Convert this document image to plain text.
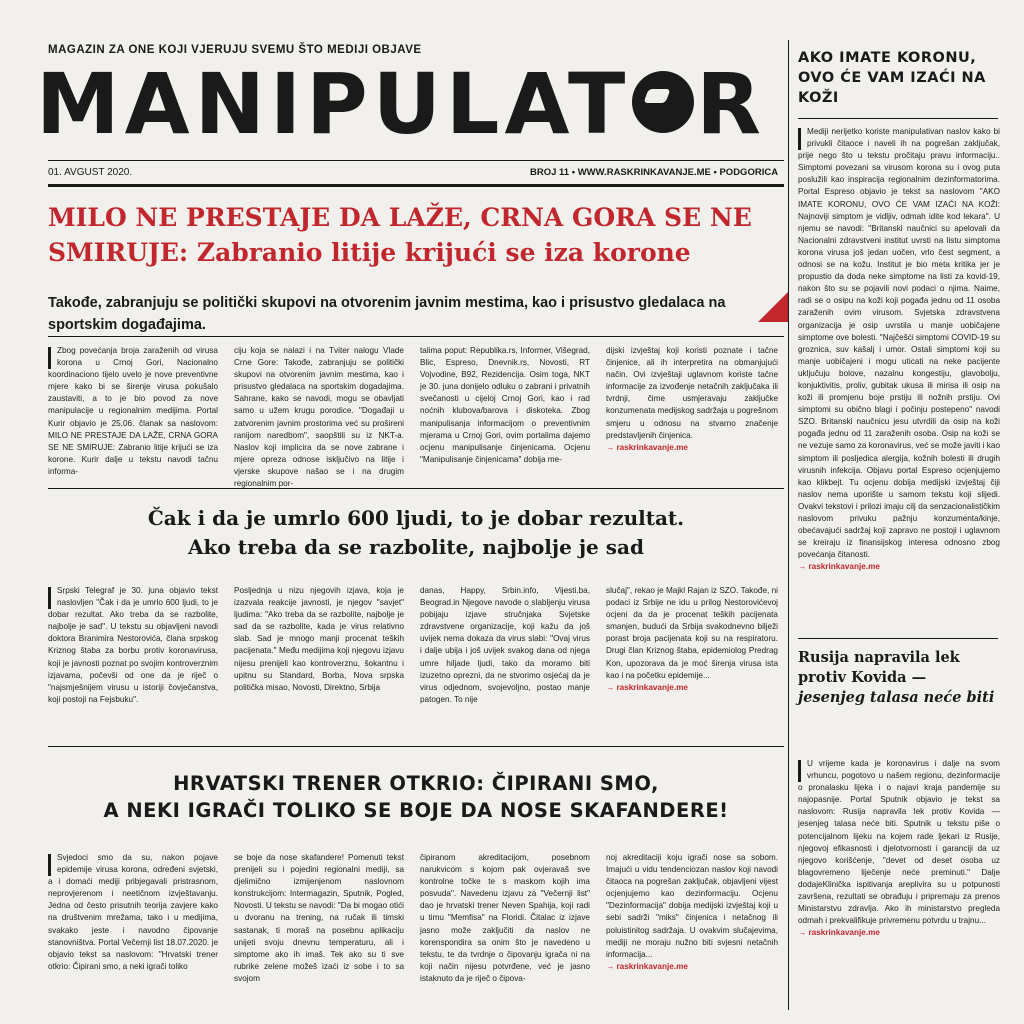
MAGAZIN ZA ONE KOJI VJERUJU SVEMU ŠTO MEDIJI OBJAVE
MANIPULAT R
01. AVGUST 2020.	BROJ 11 • WWW.RASKRINKAVANJE.ME • PODGORICA
MILO NE PRESTAJE DA LAŽE, CRNA GORA SE NE SMIRUJE: Zabranio litije krijući se iza korone
Takođe, zabranjuju se politički skupovi na otvorenim javnim mestima, kao i prisustvo gledalaca na sportskim događajima.
Zbog povećanja broja zaraženih od virusa korona u Crnoj Gori, Nacionalno koordinaciono tijelo uvelo je nove preventivne mjere kako bi se širenje virusa pokušalo zaustaviti, a to je bio povod za nove manipulacije u regionalnim medijima. Portal Kurir objavio je 25.06. članak sa naslovom: MILO NE PRESTAJE DA LAŽE, CRNA GORA SE NE SMIRUJE: Zabranio litije krijući se iza korone. Kurir dalje u tekstu navodi tačnu informa-
ciju koja se nalazi i na Tviter nalogu Vlade Crne Gore: Takođe, zabranjuju se politički skupovi na otvorenim javnim mestima, kao i prisustvo gledalaca na sportskim dogadajima. Sahrane, kako se navodi, mogu se obavljati samo u užem krugu porodice. "Događaji u zatvorenim javnim prostorima već su prošireni ranijom naredbom", saopštili su iz NKT-a. Naslov koji implicira da se nove zabrane i mjere opreza odnose isključivo na litije i vjerske skupove našao se i na drugim regionalnim por-
talima poput: Republika.rs, Informer, Višegrad, Blic, Espreso, Dnevnik.rs, Novosti, RT Vojvodine, B92, Rezidencija. Osim toga, NKT je 30. juna donijelo odluku o zabrani i privatnih svečanosti u cijeloj Crnoj Gori, kao i rad noćnih klubova/barova i diskoteka. Zbog manipulisanja informacijom o preventivnim mjerama u Crnoj Gori, ovim portalima dajemo ocjenu manipulisanje činjenicama. Ocjenu "Manipulisanje činjenicama" dobija me-
dijski izvještaj koji koristi poznate i tačne činjenice, ali ih interpretira na obmanjujući način. Ovi izvještaji uglavnom koriste tačne informacije za izvođenje netačnih zaključaka ili tvrdnji, čime usmjeravaju zaključke konzumenata medijskog sadržaja u pogrešnom smjeru u odnosu na stvarno značenje predstavljenih činjenica.
→ raskrinkavanje.me
Čak i da je umrlo 600 ljudi, to je dobar rezultat.
Ako treba da se razbolite, najbolje je sad
Srpski Telegraf je 30. juna objavio tekst naslovljen "Čak i da je umrlo 600 ljudi, to je dobar rezultat. Ako treba da se razbolite, najbolje je sad". U tekstu su objavljeni navodi doktora Branimira Nestorovića, člana srpskog Kriznog štaba za borbu protiv koronavirusa, koji je javnosti poznat po svojim kontroverznim izjavama, počevši od one da je riječ o "najsmješnijem virusu u istoriji čovječanstva, koji postoji na Fejsbuku".
Posljednja u nizu njegovih izjava, koja je izazvala reakcije javnosti, je njegov "savjet" ljudima: "Ako treba da se razbolite, najbolje je sad da se razbolite, kada je virus relativno slab. Sad je mnogo manji procenat teških pacijenata." Među medijima koji njegovu izjavu nijesu prenijeli kao kontroverznu, šokantnu i upitnu su Standard, Borba, Nova srpska politička misao, Novosti, Direktno, Srbija
danas, Happy, Srbin.info, Vijesti.ba, Beograd.in Njegove navode o slabljenju virusa pobijaju izjave stručnjaka Svjetske zdravstvene organizacije, koji kažu da još uvijek nema dokaza da virus slabi: "Ovaj virus i dalje ubija i još uvijek svakog dana od njega umre hiljade ljudi, tako da moramo biti izuzetno oprezni, da ne stvorimo osjećaj da je virus odjednom, svojevoljno, postao manje patogen. To nije
slučaj", rekao je Majkl Rajan iz SZO. Takođe, ni podaci iz Srbije ne idu u prilog Nestorovićevoj ocjeni da da je procenat teških pacijenata smanjen, budući da Srbija svakodnevno bilježi porast broja pacijenata koji su na respiratoru. Drugi član Kriznog štaba, epidemiolog Predrag Kon, upozorava da je moć širenja virusa ista kao i na početku epidemije...
→ raskrinkavanje.me
HRVATSKI TRENER OTKRIO: ČIPIRANI SMO,
A NEKI IGRAČI TOLIKO SE BOJE DA NOSE SKAFANDERE!
Svjedoci smo da su, nakon pojave epidemije virusa korona, određeni svjetski, a i domaći mediji pribjegavali pristrasnom, neprovjerenom i neetičnom izvještavanju. Jedna od često prisutnih teorija zavjere kako na društvenim mrežama, tako i u medijima, svakako jeste i navodno čipovanje stanovništva. Portal Večernji list 18.07.2020. je objavio tekst sa naslovom: "Hrvatski trener otkrio: Čipirani smo, a neki igrači toliko
se boje da nose skafandere! Pomenuti tekst prenijeli su i pojedini regionalni mediji, sa djelimično izmijenjenom naslovnom konstrukcijom: Intermagazin, Sputnik, Pogled, Novosti. U tekstu se navodi: "Da bi mogao otići u dvoranu na trening, na ručak ili timski sastanak, ti moraš na posebnu aplikaciju unijeti svoju dnevnu temperaturu, ali i simptome ako ih imaš. Tek ako su ti sve rubrike zelene možeš izaći iz sobe i to sa svojom
čipiranom akreditacijom, posebnom narukvicom s kojom pak ovjeravaš sve kontrolne točke te s maskom kojih ima posvuda". Navedenu izjavu za "Večernji list" dao je hrvatski trener Neven Spahija, koji radi u timu "Memfisa" na Floridi. Čitalac iz izjave jasno može zaključiti da naslov ne korenspondira sa onim što je navedeno u tekstu, te da tvrdnje o čipovanju igrača ni na koji način nijesu potvrđene, već je jasno istaknuto da je riječ o čipova-
noj akreditaciji koju igrači nose sa sobom. Imajući u vidu tendenciozan naslov koji navodi čitaoca na pogrešan zaključak, objavljeni vijest ocjenjujemo kao dezinformaciju. Ocjenu "Dezinformacija" dobija medijski izvještaj koji u sebi sadrži "miks" činjenica i netačnog ili poluistinitog sadržaja. U ovakvim slučajevima, mediji ne moraju nužno biti svjesni netačnih informacija...
→ raskrinkavanje.me
AKO IMATE KORONU, OVO ĆE VAM IZAĆI NA KOŽI
Mediji nerijetko koriste manipulativan naslov kako bi privukli čitaoce i naveli ih na pogrešan zaključak, prije nego što u tekstu pročitaju pravu informaciju.. Simptomi povezani sa virusom korona su i ovog puta poslužili kao inspiracija regionalnim dezinformatorima. Portal Espreso objavio je tekst sa naslovom "AKO IMATE KORONU, OVO ĆE VAM IZAĆI NA KOŽI: Najnoviji simptom je vidljiv, odmah idite kod lekara". U njemu se navodi: "Britanski naučnici su apelovali da Nacionalni zdravstveni institut uvrsti na listu simptoma korona virusa još jedan uočen, vrlo čest segment, a odnosi se na kožu. Institut je bio meta kritika jer je propustio da doda neke simptome na listi za kovid-19, nakon što su se pojavili novi podaci o njima. Naime, radi se o osipu na koži koji pogađa jednu od 11 osoba zaraženih ovim virusom. Svjetska zdravstvena organizacija je osip uvrstila u manje uobičajene simptome ove bolesti. "Najčešći simptomi COVID-19 su groznica, suv kašalj i umor. Ostali simptomi koji su manje uobičajeni i mogu uticati na neke pacijente uključuju bolove, nazalnu kongestiju, glavobolju, konjuktivitis, proliv, gubitak ukusa ili mirisa ili osip na koži ili promjenu boje prstiju ili nožnih prstiju. Ovi simptomi su obično blagi i počinju postepeno" navodi SZO. Britanski naučnicu jesu utvrdili da osip na koži pogađa jednu od 11 zaraženih osoba. Osip na koži se ne vezuje samo za koronavirus, već se može javiti i kao simptom ili posljedica alergija, kožnih bolesti ili drugih virusnih infekcija. Objavu portal Espreso ocjenjujemo kao klikbejt. Tu ocjenu dobija medijski izvještaj čiji naslov nema uporište u samom tekstu koji slijedi. Ovakvi tekstovi i prilozi imaju cilj da senzacionalističkim naslovom privuku pažnju konzumenta/kinje, obećavajući sadržaj koji zapravo ne postoji i uglavnom se kreiraju iz finansijskog interesa odnosno zbog povećanja čitanosti.
→ raskrinkavanje.me
Rusija napravila lek protiv Kovida —
jesenjeg talasa neće biti
U vrijeme kada je koronavirus i dalje na svom vrhuncu, pogotovo u našem regionu, dezinformacije o pronalasku lijeka i o najavi kraja pandemije su najopasnije. Portal Sputnik objavio je tekst sa naslovom: Rusija napravila lek protiv Kovida — jesenjeg talasa neće biti. Sputnik u tekstu piše o potencijalnom lijeku na kojem rade ljekari iz Rusije, njegovoj efikasnosti i djelotvornosti i garanciji da uz njegovo korišćenje, "devet od deset osoba uz blagovremeno liječenje neće preminuti." Dalje dodajeKlinička ispitivanja areplivira su u potpunosti završena, rezultati se obrađuju i pripremaju za prenos Ministarstvu zdravlja. Ako ih ministarstvo pregleda odmah i prekvalifikuje privremenu potvrdu u trajnu...
→ raskrinkavanje.me
